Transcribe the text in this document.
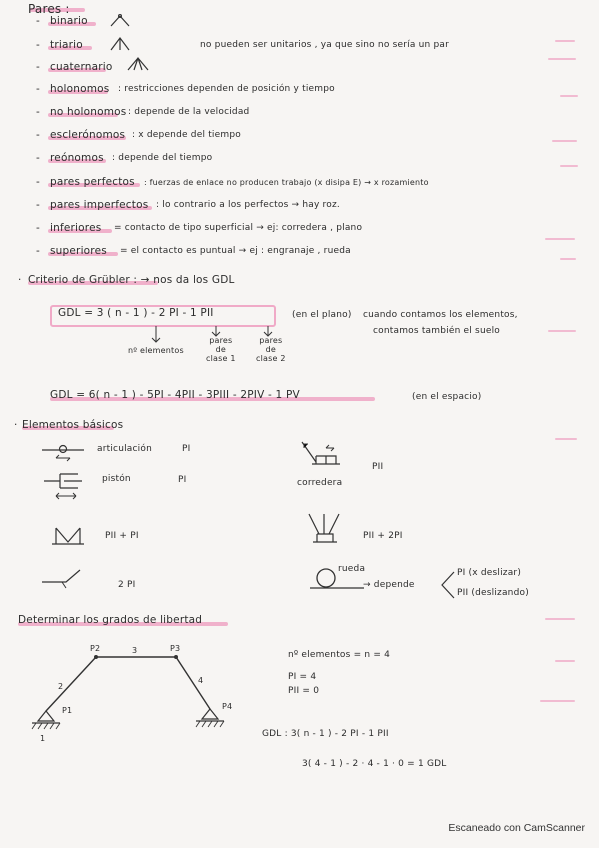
Pares :
- binario
- triario	no pueden ser unitarios , ya que sino no sería un par
- cuaternario
- holonomos : restricciones dependen de posición y tiempo
- no holonomos : depende de la velocidad
- esclerónomos : x depende del tiempo
- reónomos : depende del tiempo
- pares perfectos : fuerzas de enlace no producen trabajo (x disipa E) → x rozamiento
- pares imperfectos : lo contrario a los perfectos → hay roz.
- inferiores = contacto de tipo superficial → ej: corredera , plano
- superiores = el contacto es puntual → ej : engranaje , rueda
· Criterio de Grübler : → nos da los GDL
GDL = 3 ( n - 1 ) - 2 PI - 1 PII	(en el plano) cuando contamos los elementos,
contamos también el suelo
nº elementos
pares
de
clase 1
pares
de
clase 2
GDL = 6( n - 1 ) - 5PI - 4PII - 3PIII - 2PIV - 1 PV	(en el espacio)
· Elementos básicos
articulación	PI
pistón	PI	corredera
PII
PII + PI	PII + 2PI
2 PI
rueda
→ depende
PI (x deslizar)
PII (deslizando)
Determinar los grados de libertad
P2	3	P3
2
4
P1	P4
1
nº elementos = n = 4
PI = 4
PII = 0
GDL : 3( n - 1 ) - 2 PI - 1 PII
3( 4 - 1 ) - 2 · 4 - 1 · 0 = 1 GDL
Escaneado con CamScanner
